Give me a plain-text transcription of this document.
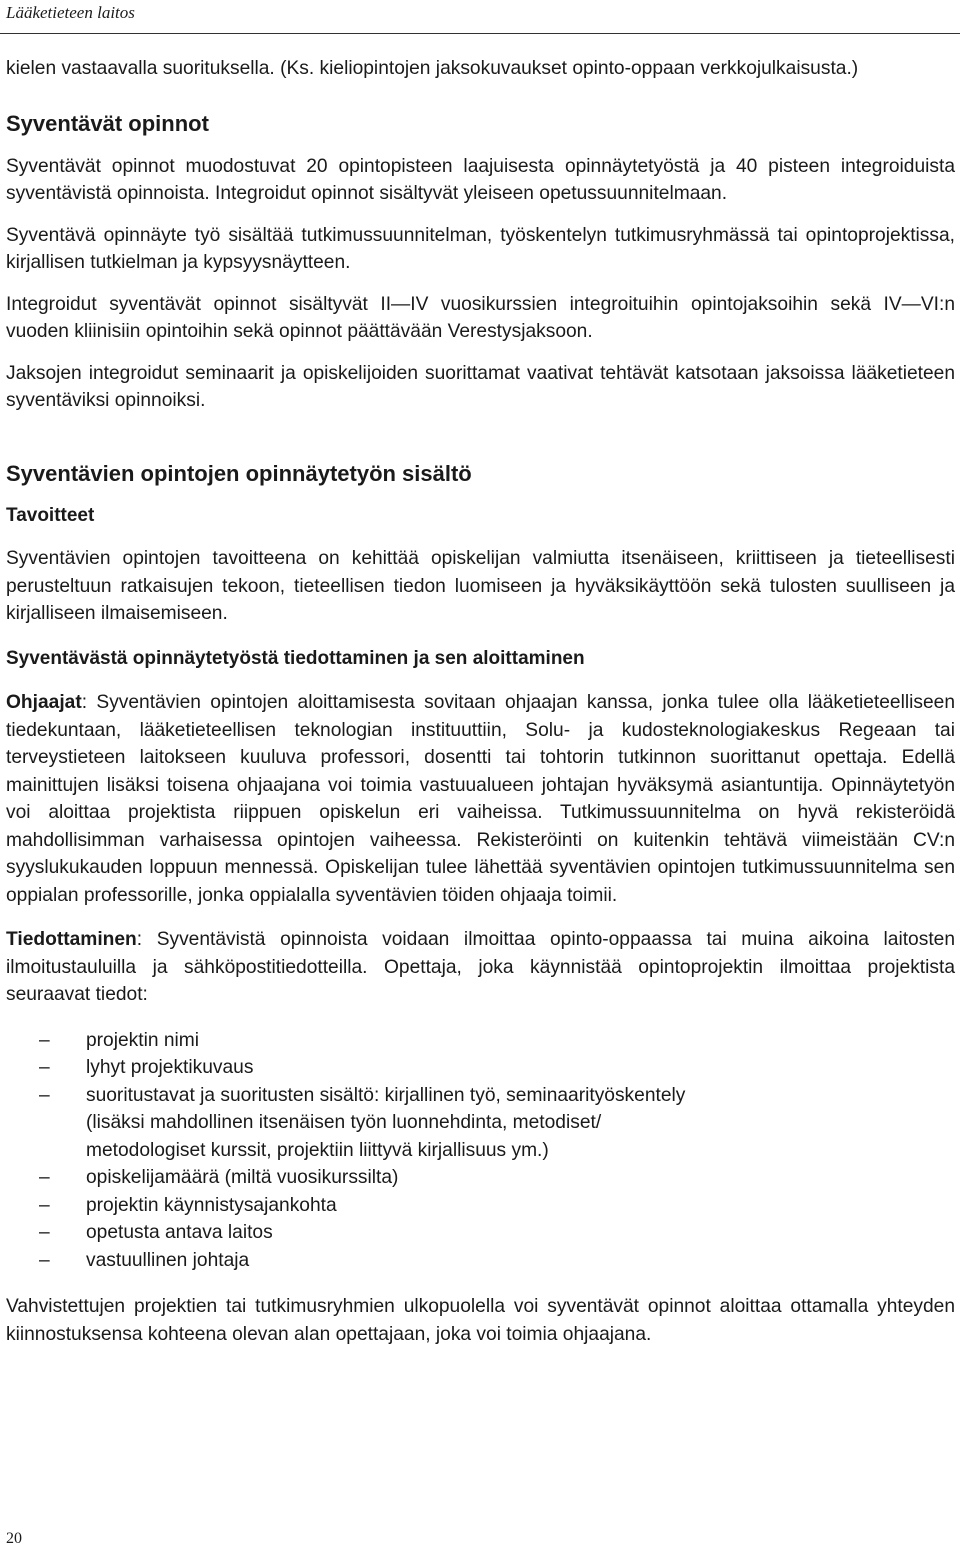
Lääketieteen laitos

kielen vastaavalla suorituksella. (Ks. kieliopintojen jaksokuvaukset opinto-oppaan verkkojulkaisusta.)

Syventävät opinnot

Syventävät opinnot muodostuvat 20 opintopisteen laajuisesta opinnäytetyöstä ja 40 pisteen integroiduista syventävistä opinnoista. Integroidut opinnot sisältyvät yleiseen opetussuunnitelmaan.

Syventävä opinnäyte työ sisältää tutkimussuunnitelman, työskentelyn tutkimusryhmässä tai opintoprojektissa, kirjallisen tutkielman ja kypsyysnäytteen.

Integroidut syventävät opinnot sisältyvät II—IV vuosikurssien integroituihin opintojaksoihin sekä IV—VI:n vuoden kliinisiin opintoihin sekä opinnot päättävään Verestysjaksoon.

Jaksojen integroidut seminaarit ja opiskelijoiden suorittamat vaativat tehtävät katsotaan jaksoissa lääketieteen syventäviksi opinnoiksi.

Syventävien opintojen opinnäytetyön sisältö
Tavoitteet

Syventävien opintojen tavoitteena on kehittää opiskelijan valmiutta itsenäiseen, kriittiseen ja tieteellisesti perusteltuun ratkaisujen tekoon, tieteellisen tiedon luomiseen ja hyväksikäyttöön sekä tulosten suulliseen ja kirjalliseen ilmaisemiseen.

Syventävästä opinnäytetyöstä tiedottaminen ja sen aloittaminen

Ohjaajat: Syventävien opintojen aloittamisesta sovitaan ohjaajan kanssa, jonka tulee olla lääketieteelliseen tiedekuntaan, lääketieteellisen teknologian instituuttiin, Solu- ja kudosteknologiakeskus Regeaan tai terveystieteen laitokseen kuuluva professori, dosentti tai tohtorin tutkinnon suorittanut opettaja. Edellä mainittujen lisäksi toisena ohjaajana voi toimia vastuualueen johtajan hyväksymä asiantuntija. Opinnäytetyön voi aloittaa projektista riippuen opiskelun eri vaiheissa. Tutkimussuunnitelma on hyvä rekisteröidä mahdollisimman varhaisessa opintojen vaiheessa. Rekisteröinti on kuitenkin tehtävä viimeistään CV:n syyslukukauden loppuun mennessä. Opiskelijan tulee lähettää syventävien opintojen tutkimussuunnitelma sen oppialan professorille, jonka oppialalla syventävien töiden ohjaaja toimii.

Tiedottaminen: Syventävistä opinnoista voidaan ilmoittaa opinto-oppaassa tai muina aikoina laitosten ilmoitustauluilla ja sähköpostitiedotteilla. Opettaja, joka käynnistää opintoprojektin ilmoittaa projektista seuraavat tiedot:

– projektin nimi
– lyhyt projektikuvaus
– suoritustavat ja suoritusten sisältö: kirjallinen työ, seminaarityöskentely
(lisäksi mahdollinen itsenäisen työn luonnehdinta, metodiset/
metodologiset kurssit, projektiin liittyvä kirjallisuus ym.)
– opiskelijamäärä (miltä vuosikurssilta)
– projektin käynnistysajankohta
– opetusta antava laitos
– vastuullinen johtaja

Vahvistettujen projektien tai tutkimusryhmien ulkopuolella voi syventävät opinnot aloittaa ottamalla yhteyden kiinnostuksensa kohteena olevan alan opettajaan, joka voi toimia ohjaajana.

20
